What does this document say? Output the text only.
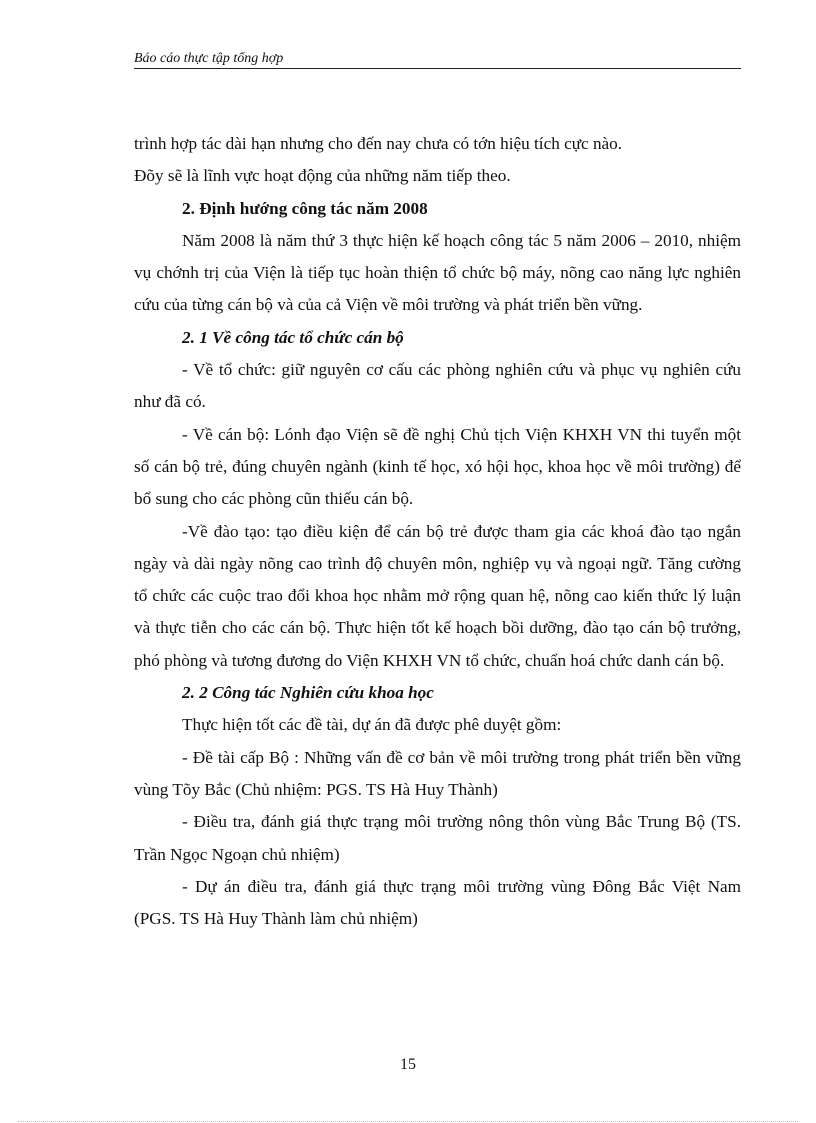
Báo cáo thực tập tổng hợp

trình hợp tác dài hạn nhưng cho đến nay chưa có tớn hiệu tích cực nào.

Đõy sẽ là lĩnh vực hoạt động của những năm tiếp theo.

2. Định hướng công tác năm 2008

Năm 2008 là năm thứ 3 thực hiện kế hoạch công tác 5 năm 2006 – 2010, nhiệm vụ chớnh trị của Viện là tiếp tục hoàn thiện tổ chức bộ máy, nõng cao năng lực nghiên cứu của từng cán bộ và của cả Viện về môi trường và phát triển bền vững.

2. 1 Về công tác tổ chức cán bộ

- Về tổ chức: giữ nguyên cơ cấu các phòng nghiên cứu và phục vụ nghiên cứu như đã có.

- Về cán bộ: Lónh đạo Viện sẽ đề nghị Chủ tịch Viện KHXH VN thi tuyển một số cán bộ trẻ, đúng chuyên ngành (kinh tế học, xó hội học, khoa học về môi trường) để bổ sung cho các phòng cũn thiếu cán bộ.

-Về đào tạo: tạo điều kiện để cán bộ trẻ được tham gia các khoá đào tạo ngắn ngày và dài ngày nõng cao trình độ chuyên môn, nghiệp vụ và ngoại ngữ. Tăng cường tổ chức các cuộc trao đổi khoa học nhằm mở rộng quan hệ, nõng cao kiến thức lý luận và thực tiễn cho các cán bộ. Thực hiện tốt kế hoạch bồi dưỡng, đào tạo cán bộ trưởng, phó phòng và tương đương do Viện KHXH VN tổ chức, chuẩn hoá chức danh cán bộ.

2. 2 Công tác Nghiên cứu khoa học

Thực hiện tốt các đề tài, dự án đã được phê duyệt gồm:

- Đề tài cấp Bộ : Những vấn đề cơ bản về môi trường trong phát triển bền vững vùng Tõy Bắc (Chủ nhiệm: PGS. TS Hà Huy Thành)

- Điều tra, đánh giá thực trạng môi trường nông thôn vùng Bắc Trung Bộ (TS. Trần Ngọc Ngoạn chủ nhiệm)

- Dự án điều tra, đánh giá thực trạng môi trường vùng Đông Bắc Việt Nam (PGS. TS Hà Huy Thành làm chủ nhiệm)

15
